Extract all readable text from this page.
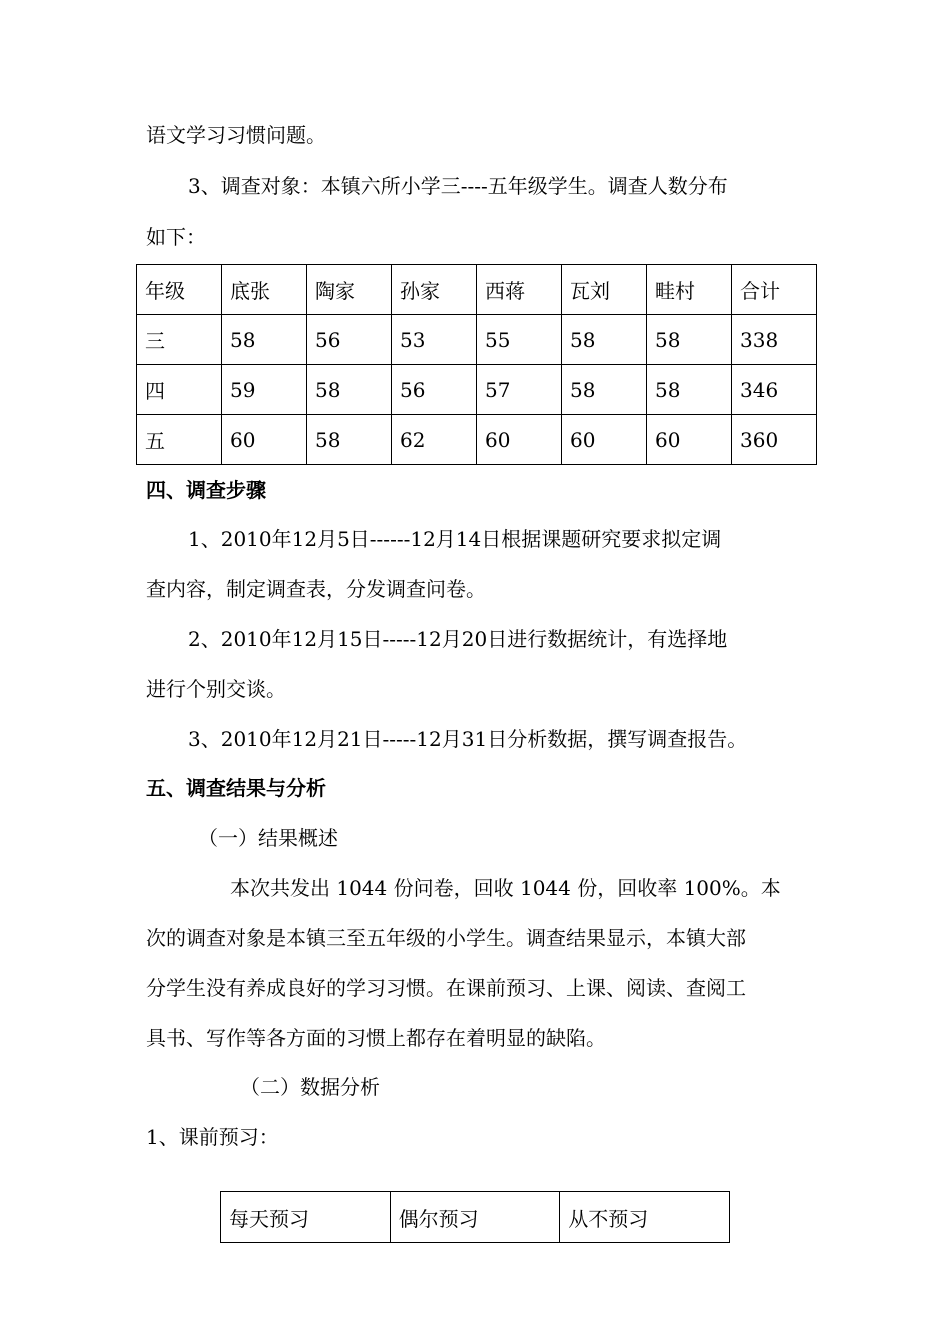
语文学习习惯问题。
3、调查对象：本镇六所小学三----五年级学生。调查人数分布
如下：
年级	底张	陶家	孙家	西蒋	瓦刘	畦村	合计
三	58	56	53	55	58	58	338
四	59	58	56	57	58	58	346
五	60	58	62	60	60	60	360
四、调查步骤
1、2010年12月5日------12月14日根据课题研究要求拟定调
查内容，制定调查表，分发调查问卷。
2、2010年12月15日-----12月20日进行数据统计，有选择地
进行个别交谈。
3、2010年12月21日-----12月31日分析数据，撰写调查报告。
五、调查结果与分析
（一）结果概述
本次共发出 1044 份问卷，回收 1044 份，回收率 100%。本
次的调查对象是本镇三至五年级的小学生。调查结果显示，本镇大部
分学生没有养成良好的学习习惯。在课前预习、上课、阅读、查阅工
具书、写作等各方面的习惯上都存在着明显的缺陷。
（二）数据分析
1、课前预习：
每天预习	偶尔预习	从不预习
